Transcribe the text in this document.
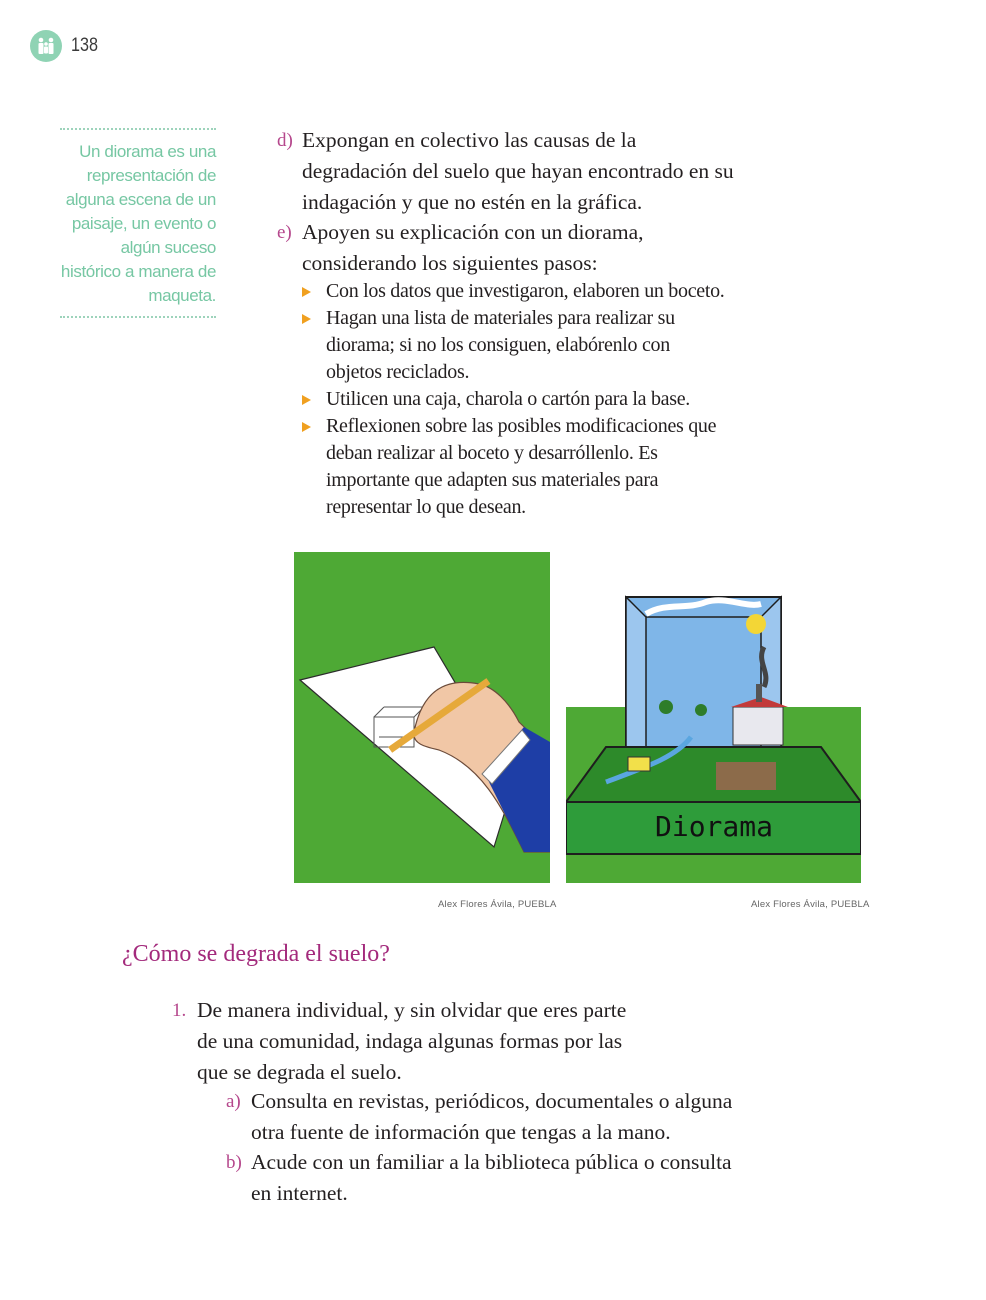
138

Un diorama es una representación de alguna escena de un paisaje, un evento o algún suceso histórico a manera de maqueta.

d) Expongan en colectivo las causas de la degradación del suelo que hayan encontrado en su indagación y que no estén en la gráfica.

e) Apoyen su explicación con un diorama, considerando los siguientes pasos:

Con los datos que investigaron, elaboren un boceto.
Hagan una lista de materiales para realizar su diorama; si no los consiguen, elabórenlo con objetos reciclados.
Utilicen una caja, charola o cartón para la base.
Reflexionen sobre las posibles modificaciones que deban realizar al boceto y desarróllenlo. Es importante que adapten sus materiales para representar lo que desean.
Alex Flores Ávila, PUEBLA
Diorama
Alex Flores Ávila, PUEBLA
¿Cómo se degrada el suelo?
1. De manera individual, y sin olvidar que eres parte de una comunidad, indaga algunas formas por las que se degrada el suelo.

a) Consulta en revistas, periódicos, documentales o alguna otra fuente de información que tengas a la mano.

b) Acude con un familiar a la biblioteca pública o consulta en internet.
